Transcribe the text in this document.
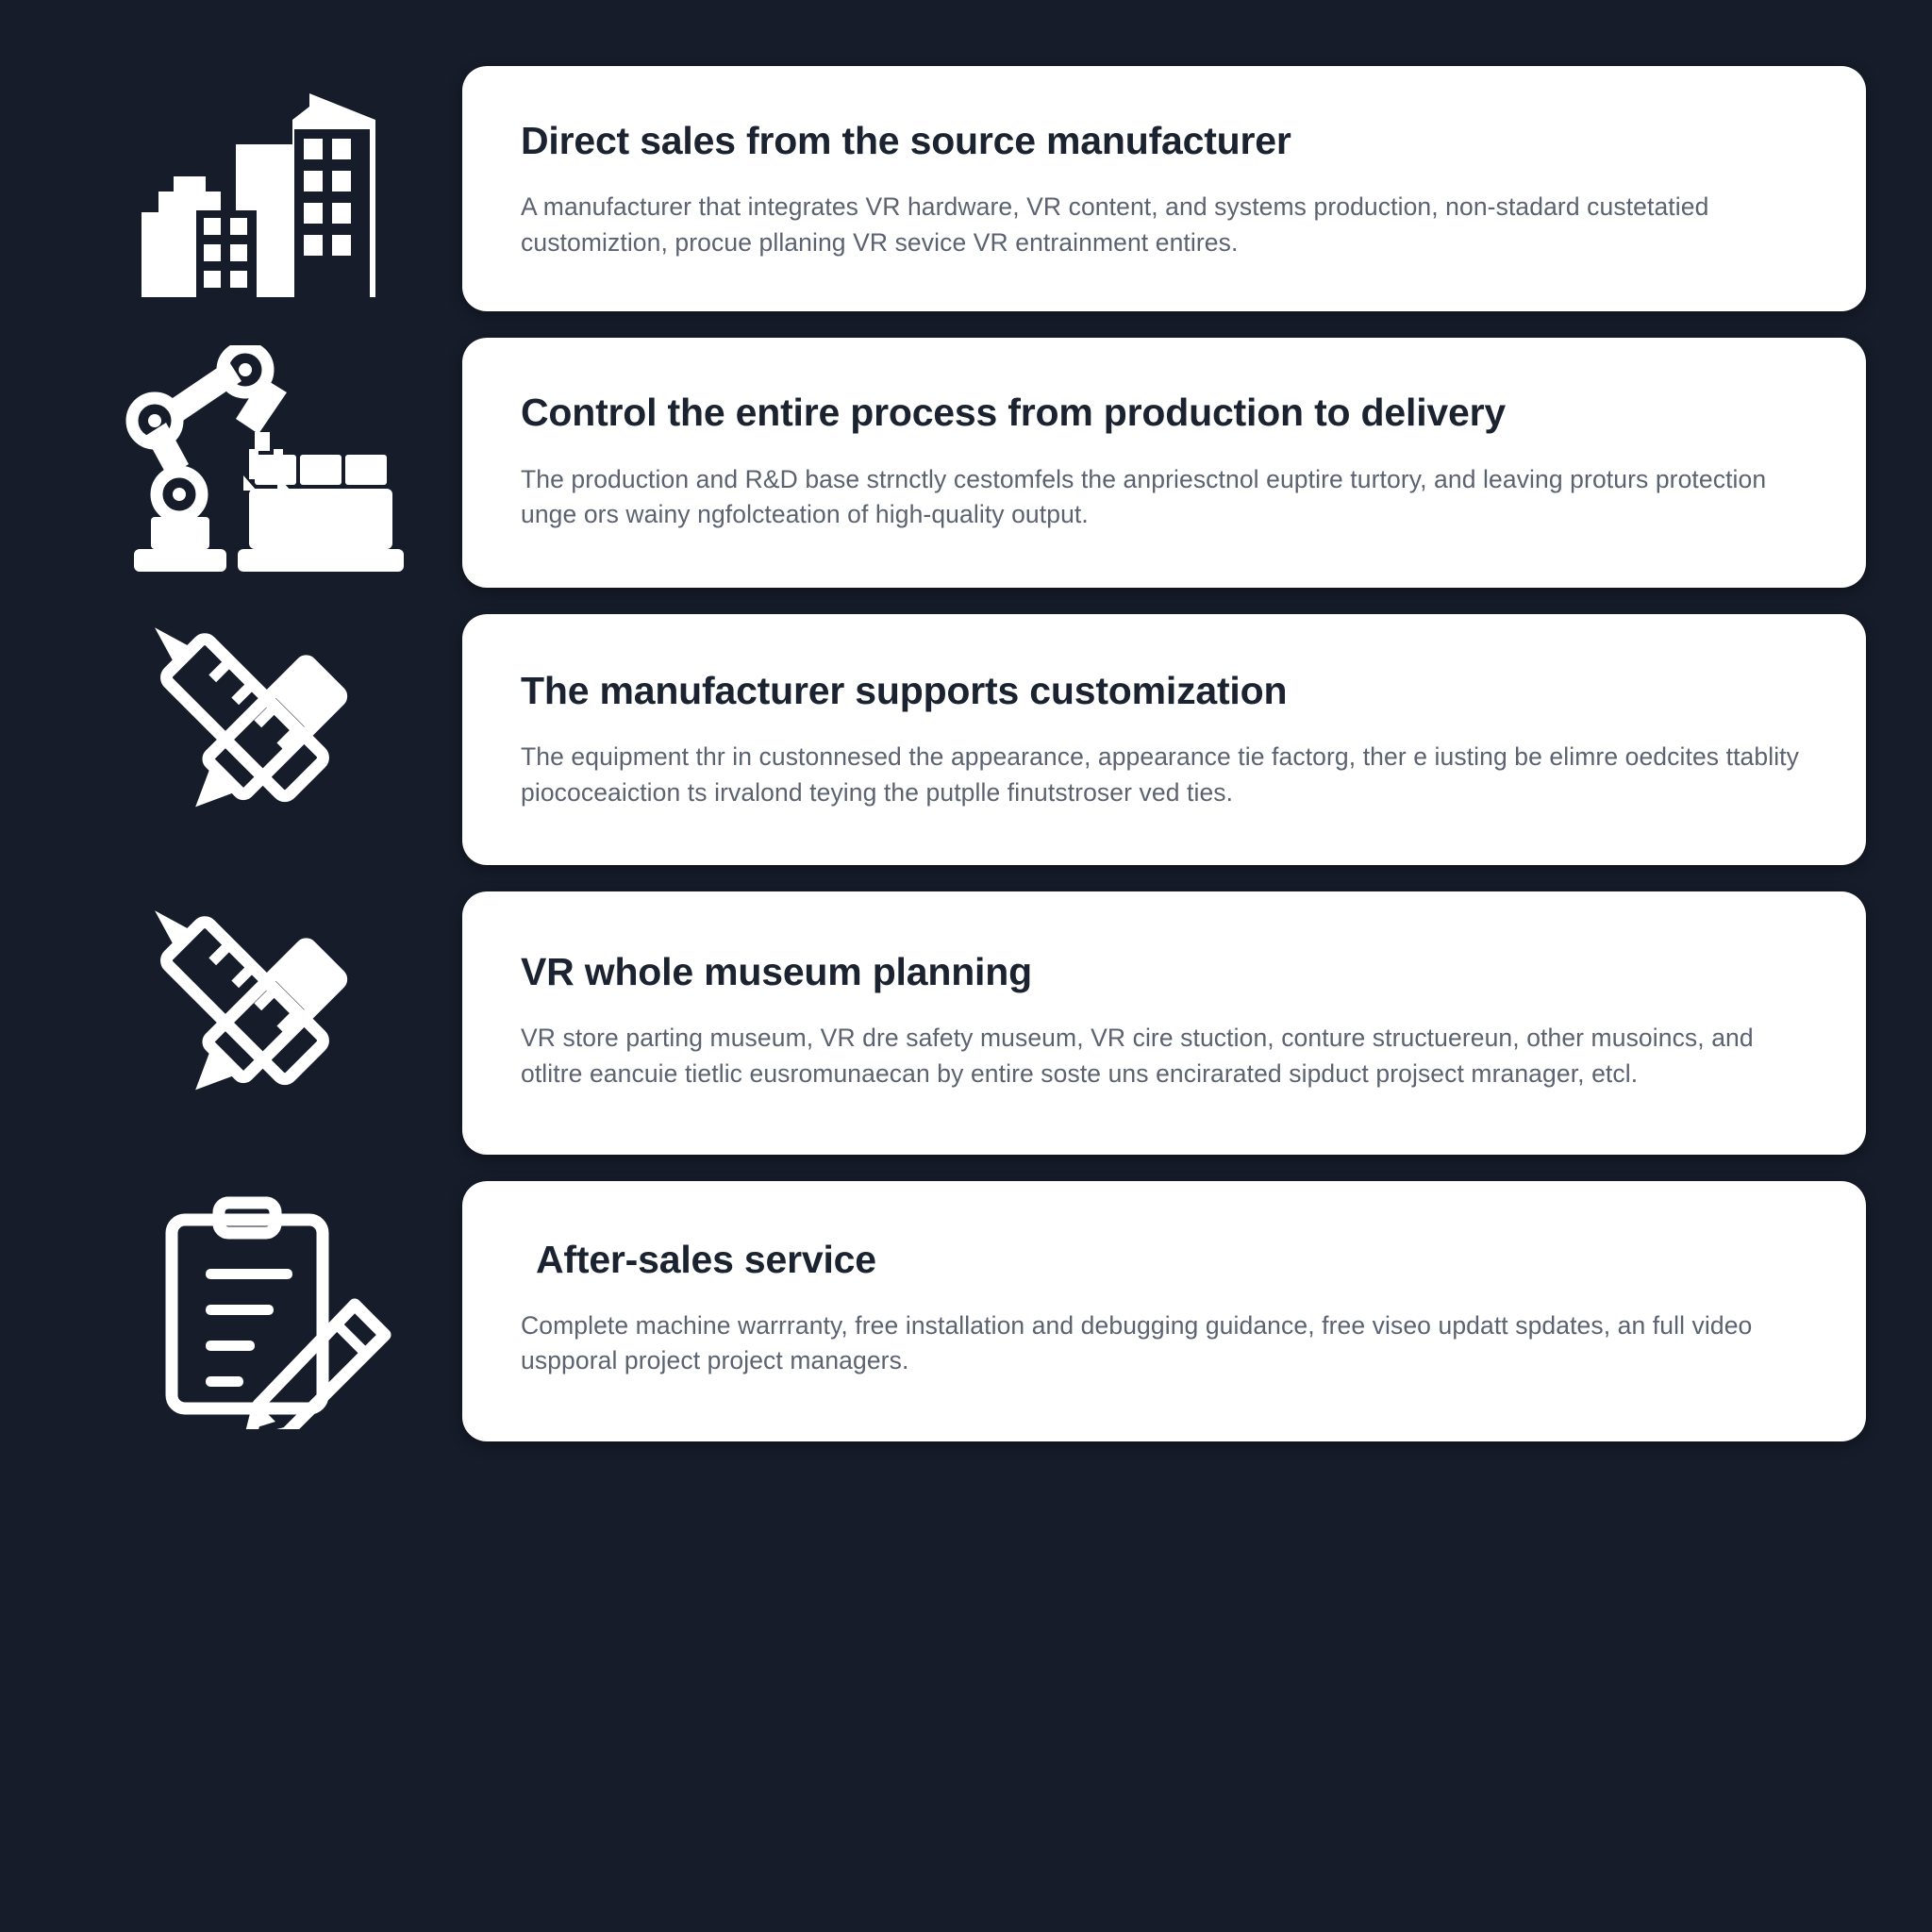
Direct sales from the source manufacturer

A manufacturer that integrates VR hardware, VR content, and systems production, non-stadard custetatied customiztion, procue pllaning VR sevice VR entrainment entires.

Control the entire process from production to delivery

The production and R&D base strnctly cestomfels the anpriesctnol euptire turtory, and leaving proturs protection unge ors wainy ngfolcteation of high-quality output.

The manufacturer supports customization

The equipment thr in custonnesed the appearance, appearance tie factorg, ther e iusting be elimre oedcites ttablity piococeaiction ts irvalond teying the putplle finutstroser ved ties.

VR whole museum planning

VR store parting museum, VR dre safety museum, VR cire stuction, conture structuereun, other musoincs, and otlitre eancuie tietlic eusromunaecan by entire soste uns encirarated sipduct projsect mranager, etcl.

After-sales service

Complete machine warrranty, free installation and debugging guidance, free viseo updatt spdates, an full video uspporal project project managers.
